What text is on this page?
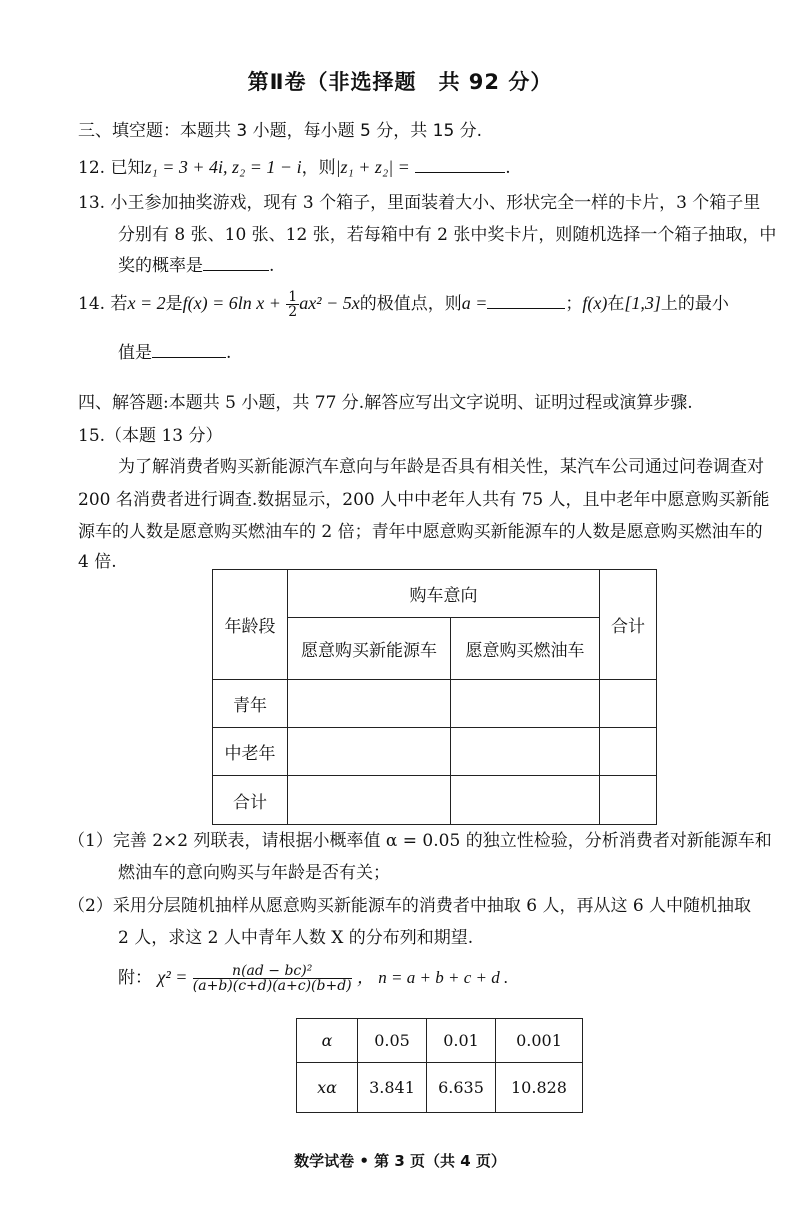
第Ⅱ卷（非选择题　共 92 分）
三、填空题：本题共 3 小题，每小题 5 分，共 15 分.
12. 已知z₁ = 3 + 4i, z₂ = 1 − i，则|z₁ + z₂| =	.
13. 小王参加抽奖游戏，现有 3 个箱子，里面装着大小、形状完全一样的卡片，3 个箱子里
分别有 8 张、10 张、12 张，若每箱中有 2 张中奖卡片，则随机选择一个箱子抽取，中
奖的概率是	.
14. 若x = 2是f(x) = 6ln $x + \frac{1}{2} ax^2 - 5x$的极值点，则a =	；f(x)在[1,3]上的最小
值是	.
四、解答题:本题共 5 小题，共 77 分.解答应写出文字说明、证明过程或演算步骤.
15.（本题 13 分）
为了解消费者购买新能源汽车意向与年龄是否具有相关性，某汽车公司通过问卷调查对
200 名消费者进行调查.数据显示，200 人中中老年人共有 75 人，且中老年中愿意购买新能
源车的人数是愿意购买燃油车的 2 倍；青年中愿意购买新能源车的人数是愿意购买燃油车的
4 倍.
年龄段	购车意向		合计
	愿意购买新能源车	愿意购买燃油车	
青年			
中老年			
合计			
（1）完善 2×2 列联表，请根据小概率值 α = 0.05 的独立性检验，分析消费者对新能源车和
燃油车的意向购买与年龄是否有关；
（2）采用分层随机抽样从愿意购买新能源车的消费者中抽取 6 人，再从这 6 人中随机抽取
2 人，求这 2 人中青年人数 X 的分布列和期望.
附： $\chi^2 = \frac{\text{n(ad − bc)²}}{(a+b)(c+d)(a+c)(b+d)}$ ， n = a + b + c + d .
α	0.05	0.01	0.001
xα	3.841	6.635	10.828
数学试卷 • 第 3 页（共 4 页）
